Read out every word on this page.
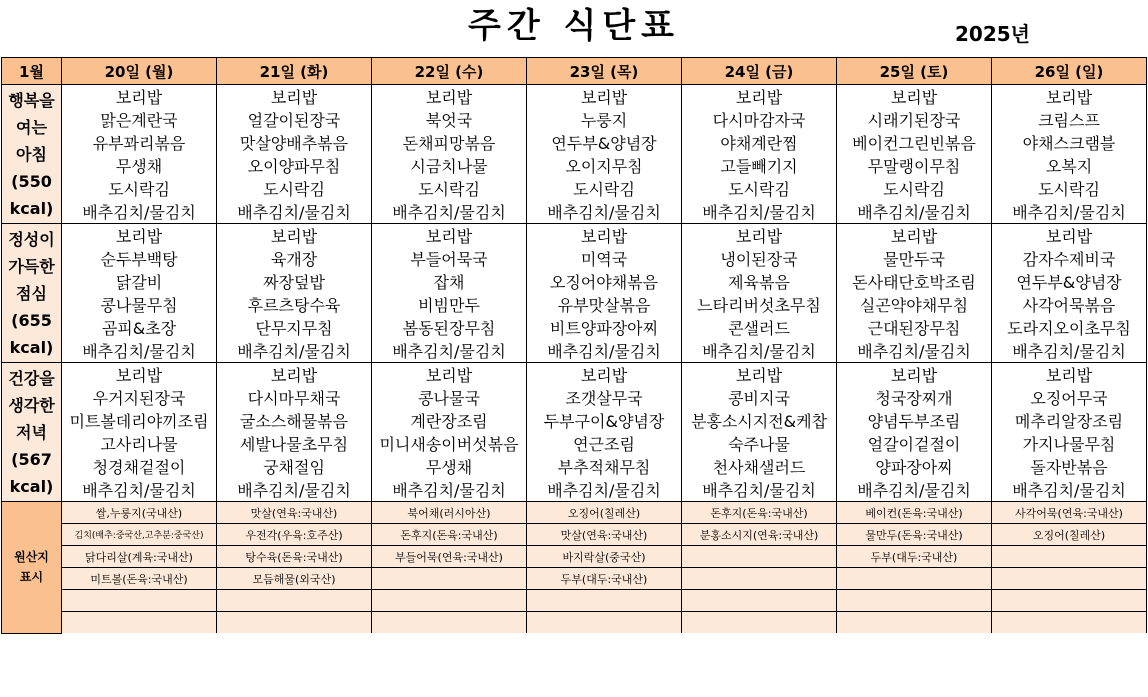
주간 식단표	2025년
1월	20일 (월)	21일 (화)	22일 (수)	23일 (목)	24일 (금)	25일 (토)	26일 (일)
행복을
여는
아침
(550
kcal)	보리밥	보리밥	보리밥	보리밥	보리밥	보리밥	보리밥
	맑은계란국	얼갈이된장국	북엇국	누룽지	다시마감자국	시래기된장국	크림스프
	유부꽈리볶음	맛살양배추볶음	돈채피망볶음	연두부&양념장	야채계란찜	베이컨그린빈볶음	야채스크램블
	무생채	오이양파무침	시금치나물	오이지무침	고들빼기지	무말랭이무침	오복지
	도시락김	도시락김	도시락김	도시락김	도시락김	도시락김	도시락김
	배추김치/물김치	배추김치/물김치	배추김치/물김치	배추김치/물김치	배추김치/물김치	배추김치/물김치	배추김치/물김치
정성이
가득한
점심
(655
kcal)	보리밥	보리밥	보리밥	보리밥	보리밥	보리밥	보리밥
	순두부백탕	육개장	부들어묵국	미역국	냉이된장국	물만두국	감자수제비국
	닭갈비	짜장덮밥	잡채	오징어야채볶음	제육볶음	돈사태단호박조림	연두부&양념장
	콩나물무침	후르츠탕수육	비빔만두	유부맛살볶음	느타리버섯초무침	실곤약야채무침	사각어묵볶음
	곰피&초장	단무지무침	봄동된장무침	비트양파장아찌	콘샐러드	근대된장무침	도라지오이초무침
	배추김치/물김치	배추김치/물김치	배추김치/물김치	배추김치/물김치	배추김치/물김치	배추김치/물김치	배추김치/물김치
건강을
생각한
저녁
(567
kcal)	보리밥	보리밥	보리밥	보리밥	보리밥	보리밥	보리밥
	우거지된장국	다시마무채국	콩나물국	조갯살무국	콩비지국	청국장찌개	오징어무국
	미트볼데리야끼조림	굴소스해물볶음	계란장조림	두부구이&양념장	분홍소시지전&케찹	양념두부조림	메추리알장조림
	고사리나물	세발나물초무침	미니새송이버섯볶음	연근조림	숙주나물	얼갈이겉절이	가지나물무침
	청경채겉절이	궁채절임	무생채	부추적채무침	천사채샐러드	양파장아찌	돌자반볶음
	배추김치/물김치	배추김치/물김치	배추김치/물김치	배추김치/물김치	배추김치/물김치	배추김치/물김치	배추김치/물김치
원산지
표시	쌀,누룽지(국내산)	맛살(연육:국내산)	북어채(러시아산)	오징어(칠레산)	돈후지(돈육:국내산)	베이컨(돈육:국내산)	사각어묵(연육:국내산)
	김치(배추:중국산,고추분:중국산)	우전각(우육:호주산)	돈후지(돈육:국내산)	맛살(연육:국내산)	분홍소시지(연육:국내산)	물만두(돈육:국내산)	오징어(칠레산)
	닭다리살(계육:국내산)	탕수육(돈육:국내산)	부들어묵(연육:국내산)	바지락살(중국산)		두부(대두:국내산)	
	미트볼(돈육:국내산)	모듬해물(외국산)		두부(대두:국내산)			
